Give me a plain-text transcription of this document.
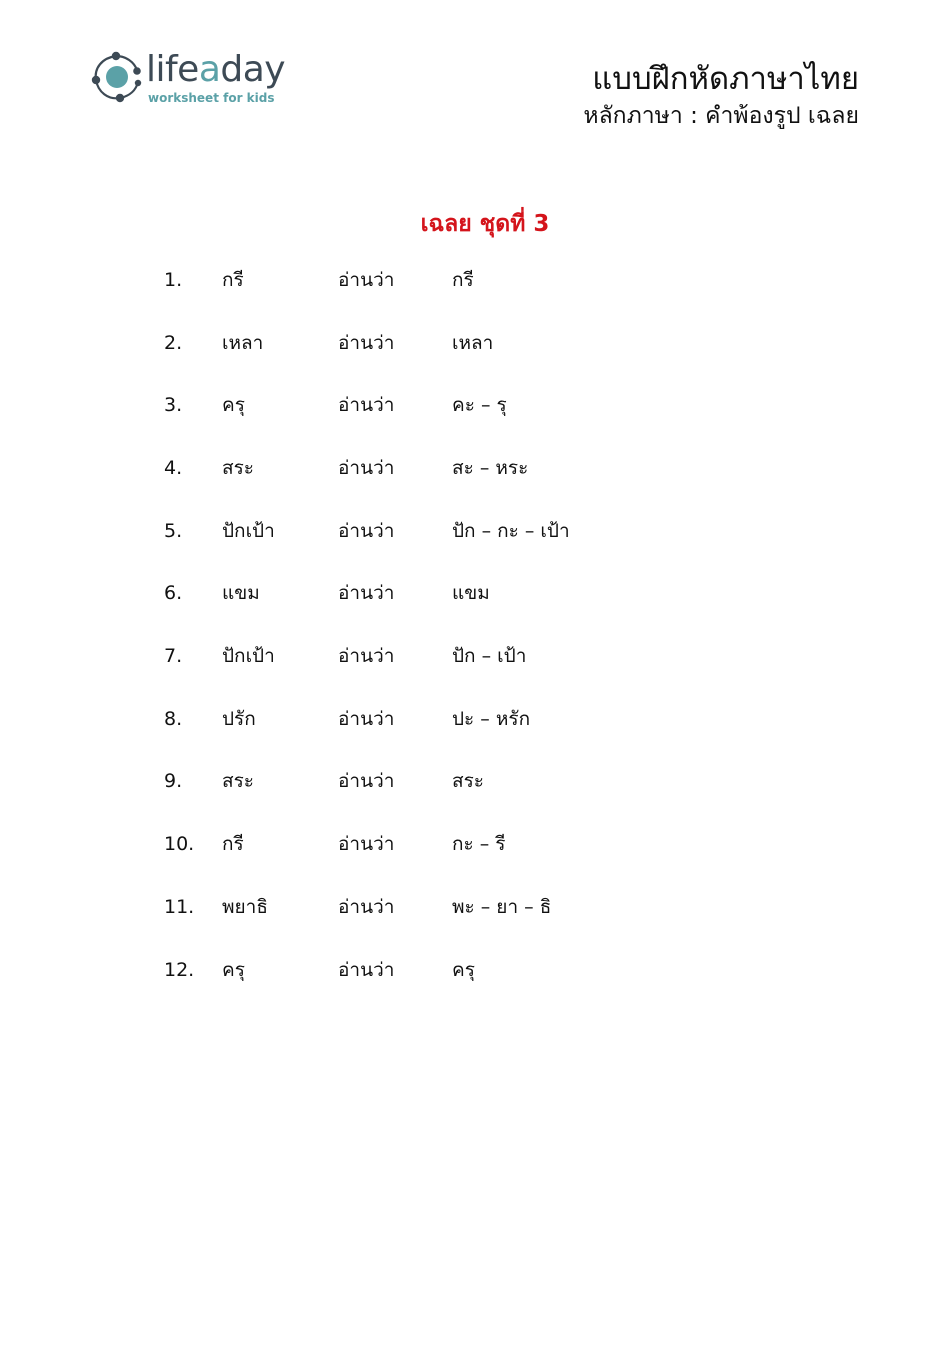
lifeaday
worksheet for kids
แบบฝึกหัดภาษาไทย
หลักภาษา : คำพ้องรูป เฉลย
เฉลย ชุดที่ 3
1. กรี	อ่านว่า	กรี
2. เหลา	อ่านว่า	เหลา
3. ครุ	อ่านว่า	คะ – รุ
4. สระ	อ่านว่า	สะ – หระ
5. ปักเป้า	อ่านว่า	ปัก – กะ – เป้า
6. แขม	อ่านว่า	แขม
7. ปักเป้า	อ่านว่า	ปัก – เป้า
8. ปรัก	อ่านว่า	ปะ – หรัก
9. สระ	อ่านว่า	สระ
10. กรี	อ่านว่า	กะ – รี
11. พยาธิ	อ่านว่า	พะ – ยา – ธิ
12. ครุ	อ่านว่า	ครุ
